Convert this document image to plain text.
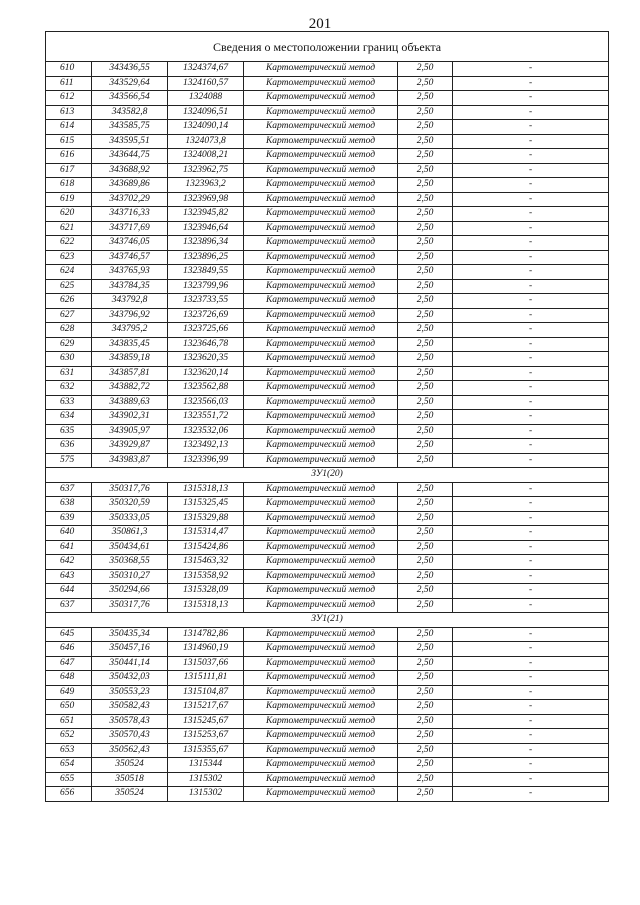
201
Сведения о местоположении границ объекта					
610	343436,55	1324374,67	Картометрический метод	2,50	-
611	343529,64	1324160,57	Картометрический метод	2,50	-
612	343566,54	1324088	Картометрический метод	2,50	-
613	343582,8	1324096,51	Картометрический метод	2,50	-
614	343585,75	1324090,14	Картометрический метод	2,50	-
615	343595,51	1324073,8	Картометрический метод	2,50	-
616	343644,75	1324008,21	Картометрический метод	2,50	-
617	343688,92	1323962,75	Картометрический метод	2,50	-
618	343689,86	1323963,2	Картометрический метод	2,50	-
619	343702,29	1323969,98	Картометрический метод	2,50	-
620	343716,33	1323945,82	Картометрический метод	2,50	-
621	343717,69	1323946,64	Картометрический метод	2,50	-
622	343746,05	1323896,34	Картометрический метод	2,50	-
623	343746,57	1323896,25	Картометрический метод	2,50	-
624	343765,93	1323849,55	Картометрический метод	2,50	-
625	343784,35	1323799,96	Картометрический метод	2,50	-
626	343792,8	1323733,55	Картометрический метод	2,50	-
627	343796,92	1323726,69	Картометрический метод	2,50	-
628	343795,2	1323725,66	Картометрический метод	2,50	-
629	343835,45	1323646,78	Картометрический метод	2,50	-
630	343859,18	1323620,35	Картометрический метод	2,50	-
631	343857,81	1323620,14	Картометрический метод	2,50	-
632	343882,72	1323562,88	Картометрический метод	2,50	-
633	343889,63	1323566,03	Картометрический метод	2,50	-
634	343902,31	1323551,72	Картометрический метод	2,50	-
635	343905,97	1323532,06	Картометрический метод	2,50	-
636	343929,87	1323492,13	Картометрический метод	2,50	-
575	343983,87	1323396,99	Картометрический метод	2,50	-
ЗУ1(20)					
637	350317,76	1315318,13	Картометрический метод	2,50	-
638	350320,59	1315325,45	Картометрический метод	2,50	-
639	350333,05	1315329,88	Картометрический метод	2,50	-
640	350861,3	1315314,47	Картометрический метод	2,50	-
641	350434,61	1315424,86	Картометрический метод	2,50	-
642	350368,55	1315463,32	Картометрический метод	2,50	-
643	350310,27	1315358,92	Картометрический метод	2,50	-
644	350294,66	1315328,09	Картометрический метод	2,50	-
637	350317,76	1315318,13	Картометрический метод	2,50	-
ЗУ1(21)					
645	350435,34	1314782,86	Картометрический метод	2,50	-
646	350457,16	1314960,19	Картометрический метод	2,50	-
647	350441,14	1315037,66	Картометрический метод	2,50	-
648	350432,03	1315111,81	Картометрический метод	2,50	-
649	350553,23	1315104,87	Картометрический метод	2,50	-
650	350582,43	1315217,67	Картометрический метод	2,50	-
651	350578,43	1315245,67	Картометрический метод	2,50	-
652	350570,43	1315253,67	Картометрический метод	2,50	-
653	350562,43	1315355,67	Картометрический метод	2,50	-
654	350524	1315344	Картометрический метод	2,50	-
655	350518	1315302	Картометрический метод	2,50	-
656	350524	1315302	Картометрический метод	2,50	-
